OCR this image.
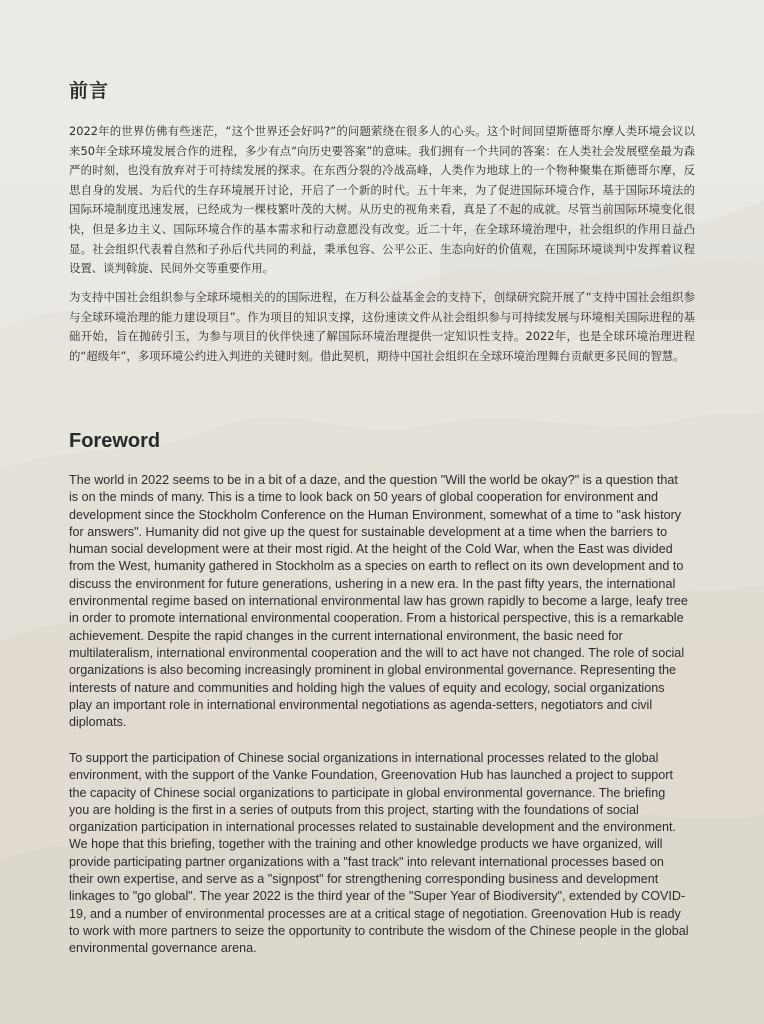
前言

2022年的世界仿佛有些迷茫，“这个世界还会好吗?”的问题萦绕在很多人的心头。这个时间回望斯德哥尔摩人类环境会议以来50年全球环境发展合作的进程，多少有点“向历史要答案”的意味。我们拥有一个共同的答案：在人类社会发展壁垒最为森严的时刻，也没有放弃对于可持续发展的探求。在东西分裂的冷战高峰，人类作为地球上的一个物种聚集在斯德哥尔摩，反思自身的发展、为后代的生存环境展开讨论，开启了一个新的时代。五十年来，为了促进国际环境合作，基于国际环境法的国际环境制度迅速发展，已经成为一棵枝繁叶茂的大树。从历史的视角来看，真是了不起的成就。尽管当前国际环境变化很快，但是多边主义、国际环境合作的基本需求和行动意愿没有改变。近二十年，在全球环境治理中，社会组织的作用日益凸显。社会组织代表着自然和子孙后代共同的利益，秉承包容、公平公正、生态向好的价值观，在国际环境谈判中发挥着议程设置、谈判斡旋、民间外交等重要作用。

为支持中国社会组织参与全球环境相关的的国际进程，在万科公益基金会的支持下，创绿研究院开展了“支持中国社会组织参与全球环境治理的能力建设项目”。作为项目的知识支撑，这份速读文件从社会组织参与可持续发展与环境相关国际进程的基础开始，旨在抛砖引玉，为参与项目的伙伴快速了解国际环境治理提供一定知识性支持。2022年，也是全球环境治理进程的“超级年”，多项环境公约进入判进的关键时刻。借此契机，期待中国社会组织在全球环境治理舞台贡献更多民间的智慧。

Foreword

The world in 2022 seems to be in a bit of a daze, and the question "Will the world be okay?" is a question that is on the minds of many. This is a time to look back on 50 years of global cooperation for environment and development since the Stockholm Conference on the Human Environment, somewhat of a time to "ask history for answers". Humanity did not give up the quest for sustainable development at a time when the barriers to human social development were at their most rigid. At the height of the Cold War, when the East was divided from the West, humanity gathered in Stockholm as a species on earth to reflect on its own development and to discuss the environment for future generations, ushering in a new era. In the past fifty years, the international environmental regime based on international environmental law has grown rapidly to become a large, leafy tree in order to promote international environmental cooperation. From a historical perspective, this is a remarkable achievement. Despite the rapid changes in the current international environment, the basic need for multilateralism, international environmental cooperation and the will to act have not changed. The role of social organizations is also becoming increasingly prominent in global environmental governance. Representing the interests of nature and communities and holding high the values of equity and ecology, social organizations play an important role in international environmental negotiations as agenda-setters, negotiators and civil diplomats.

To support the participation of Chinese social organizations in international processes related to the global environment, with the support of the Vanke Foundation, Greenovation Hub has launched a project to support the capacity of Chinese social organizations to participate in global environmental governance. The briefing you are holding is the first in a series of outputs from this project, starting with the foundations of social organization participation in international processes related to sustainable development and the environment. We hope that this briefing, together with the training and other knowledge products we have organized, will provide participating partner organizations with a "fast track" into relevant international processes based on their own expertise, and serve as a "signpost" for strengthening corresponding business and development linkages to "go global". The year 2022 is the third year of the "Super Year of Biodiversity", extended by COVID-19, and a number of environmental processes are at a critical stage of negotiation. Greenovation Hub is ready to work with more partners to seize the opportunity to contribute the wisdom of the Chinese people in the global environmental governance arena.
